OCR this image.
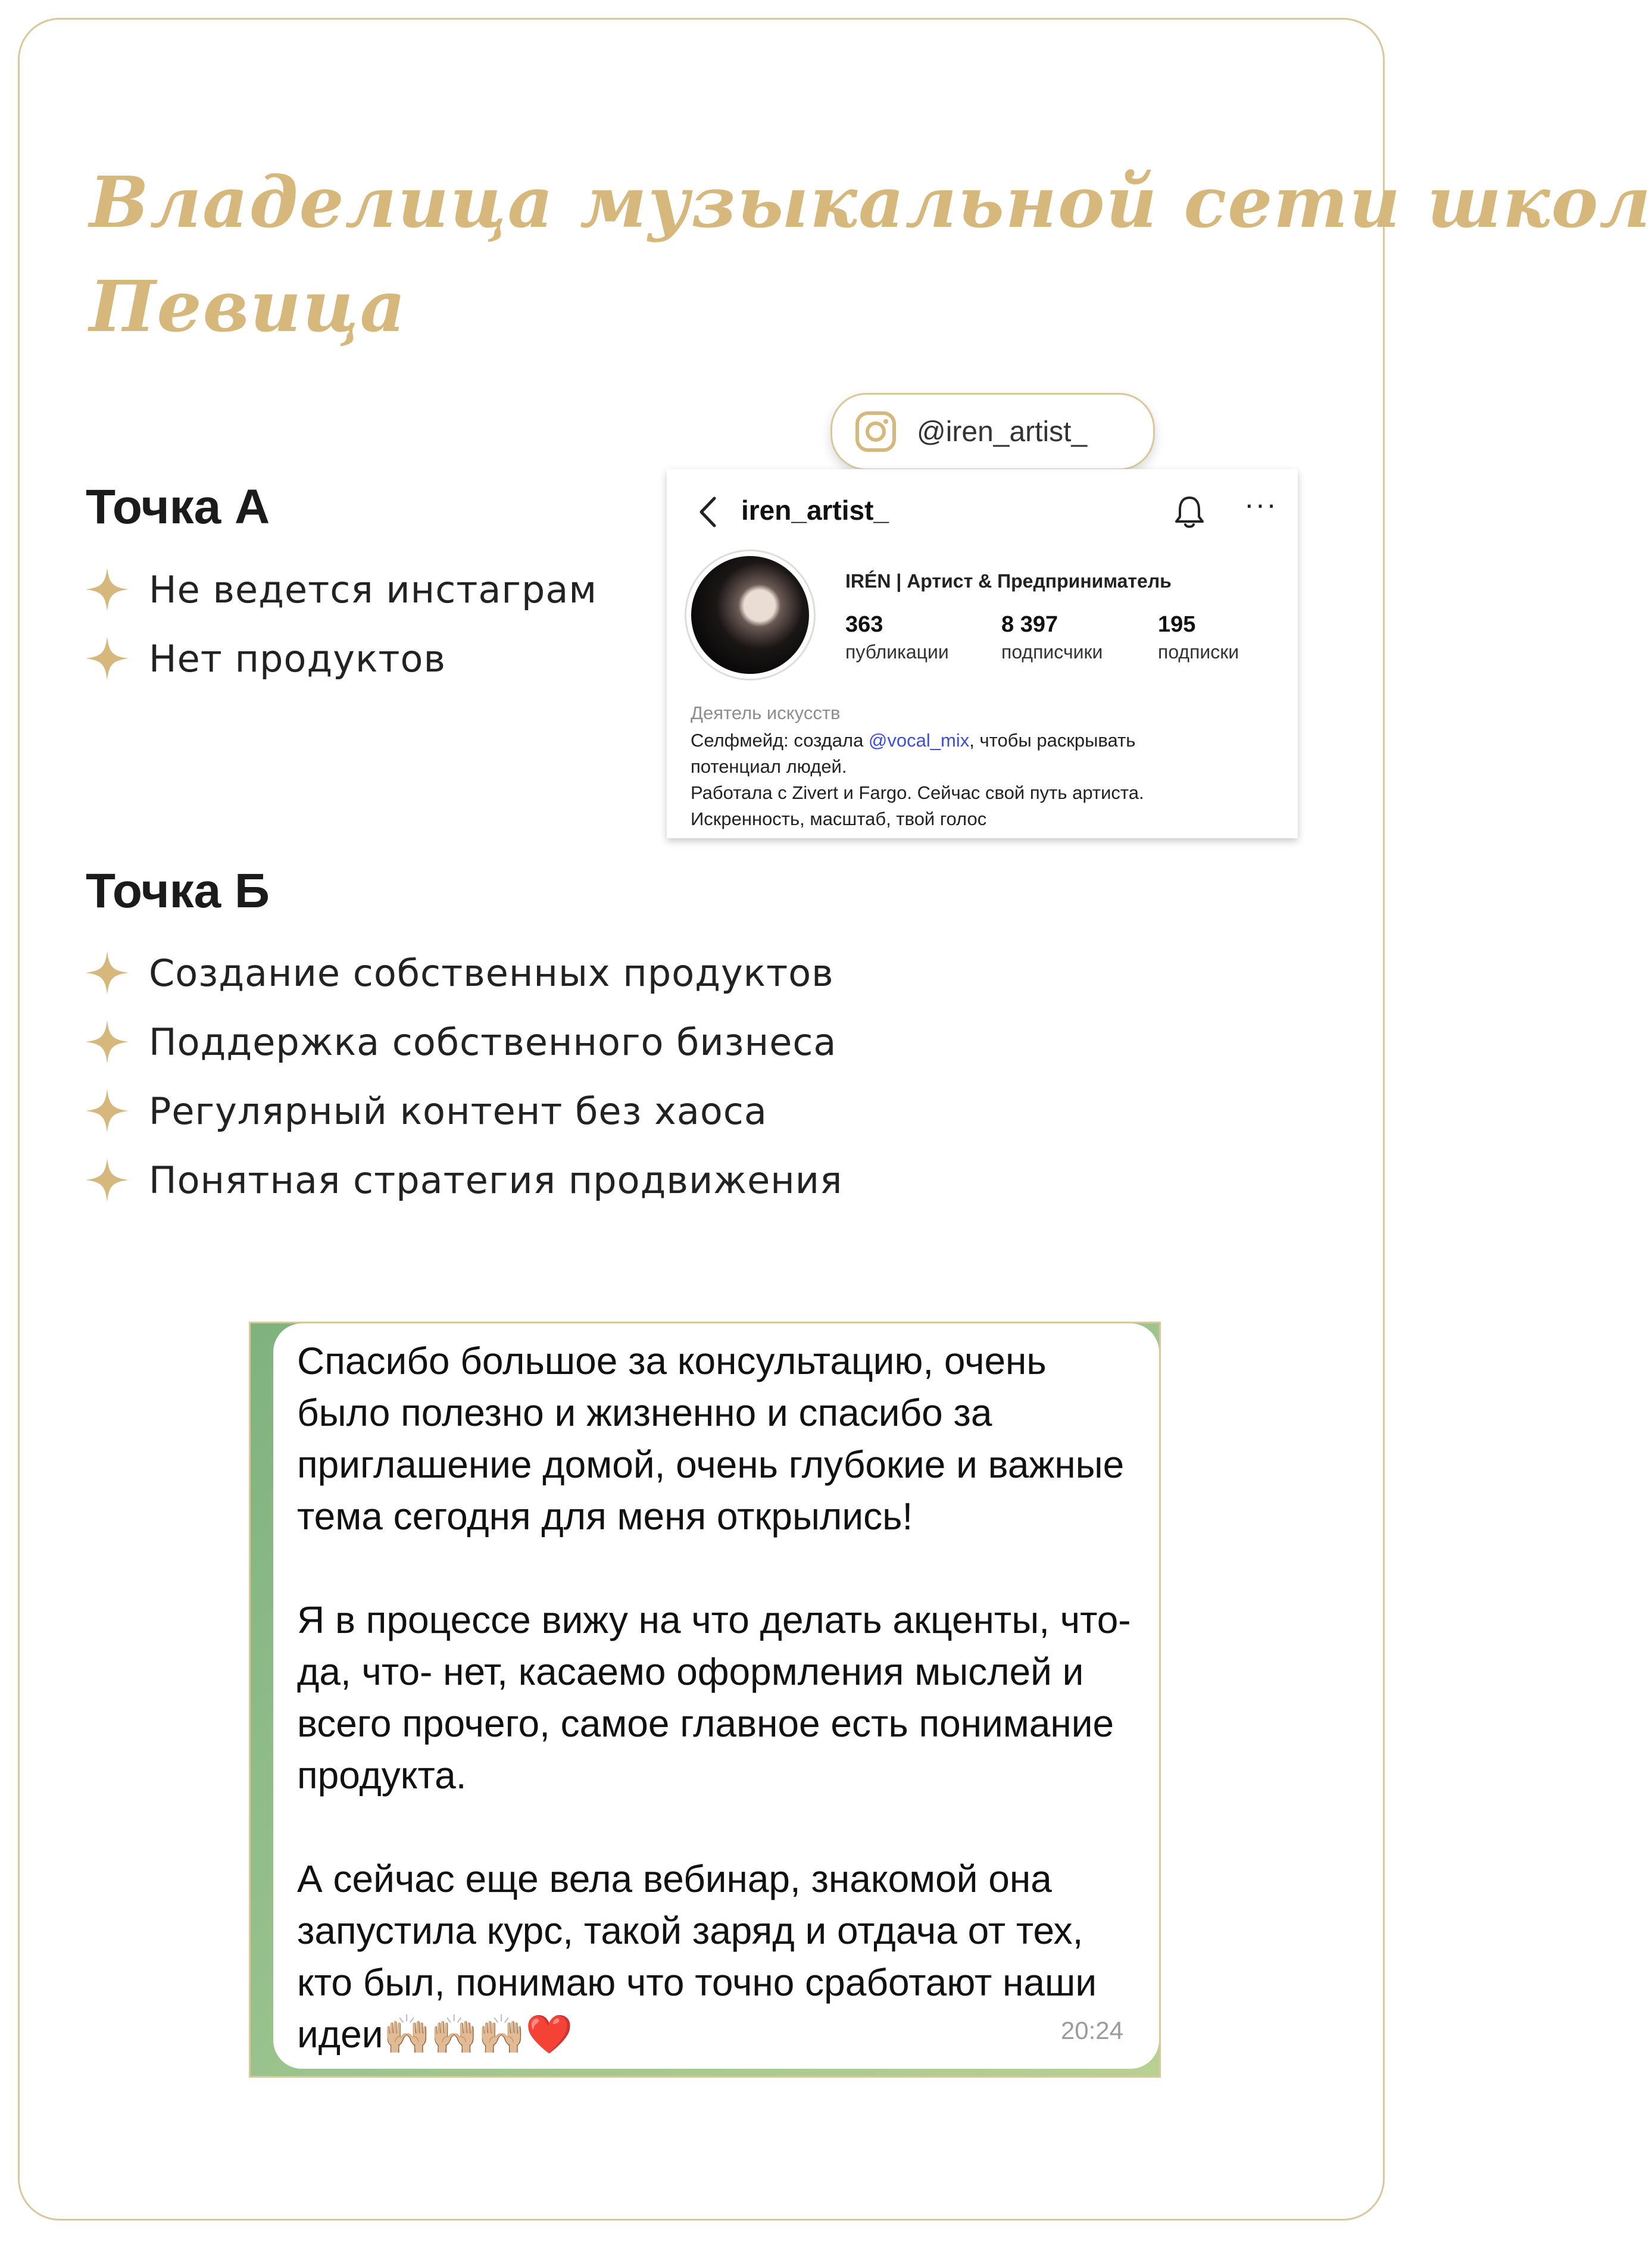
Владелица музыкальной сети школ
Певица
Точка А
Не ведется инстаграм
Нет продуктов
@iren_artist_
iren_artist_	···
IRÉN | Артист & Предприниматель
363
публикации
8 397
подписчики
195
подписки
Деятель искусств
Селфмейд: создала @vocal_mix, чтобы раскрывать
потенциал людей.
Работала с Zivert и Fargo. Сейчас свой путь артиста.
Искренность, масштаб, твой голос
Точка Б
Создание собственных продуктов
Поддержка собственного бизнеса
Регулярный контент без хаоса
Понятная стратегия продвижения

Спасибо большое за консультацию, очень было полезно и жизненно и спасибо за приглашение домой, очень глубокие и важные тема сегодня для меня открылись!

Я в процессе вижу на что делать акценты, что- да, что- нет, касаемо оформления мыслей и всего прочего, самое главное есть понимание продукта.

А сейчас еще вела вебинар, знакомой она запустила курс, такой заряд и отдача от тех, кто был, понимаю что точно сработают наши идеи🙌🏼🙌🏼🙌🏼❤️	20:24
